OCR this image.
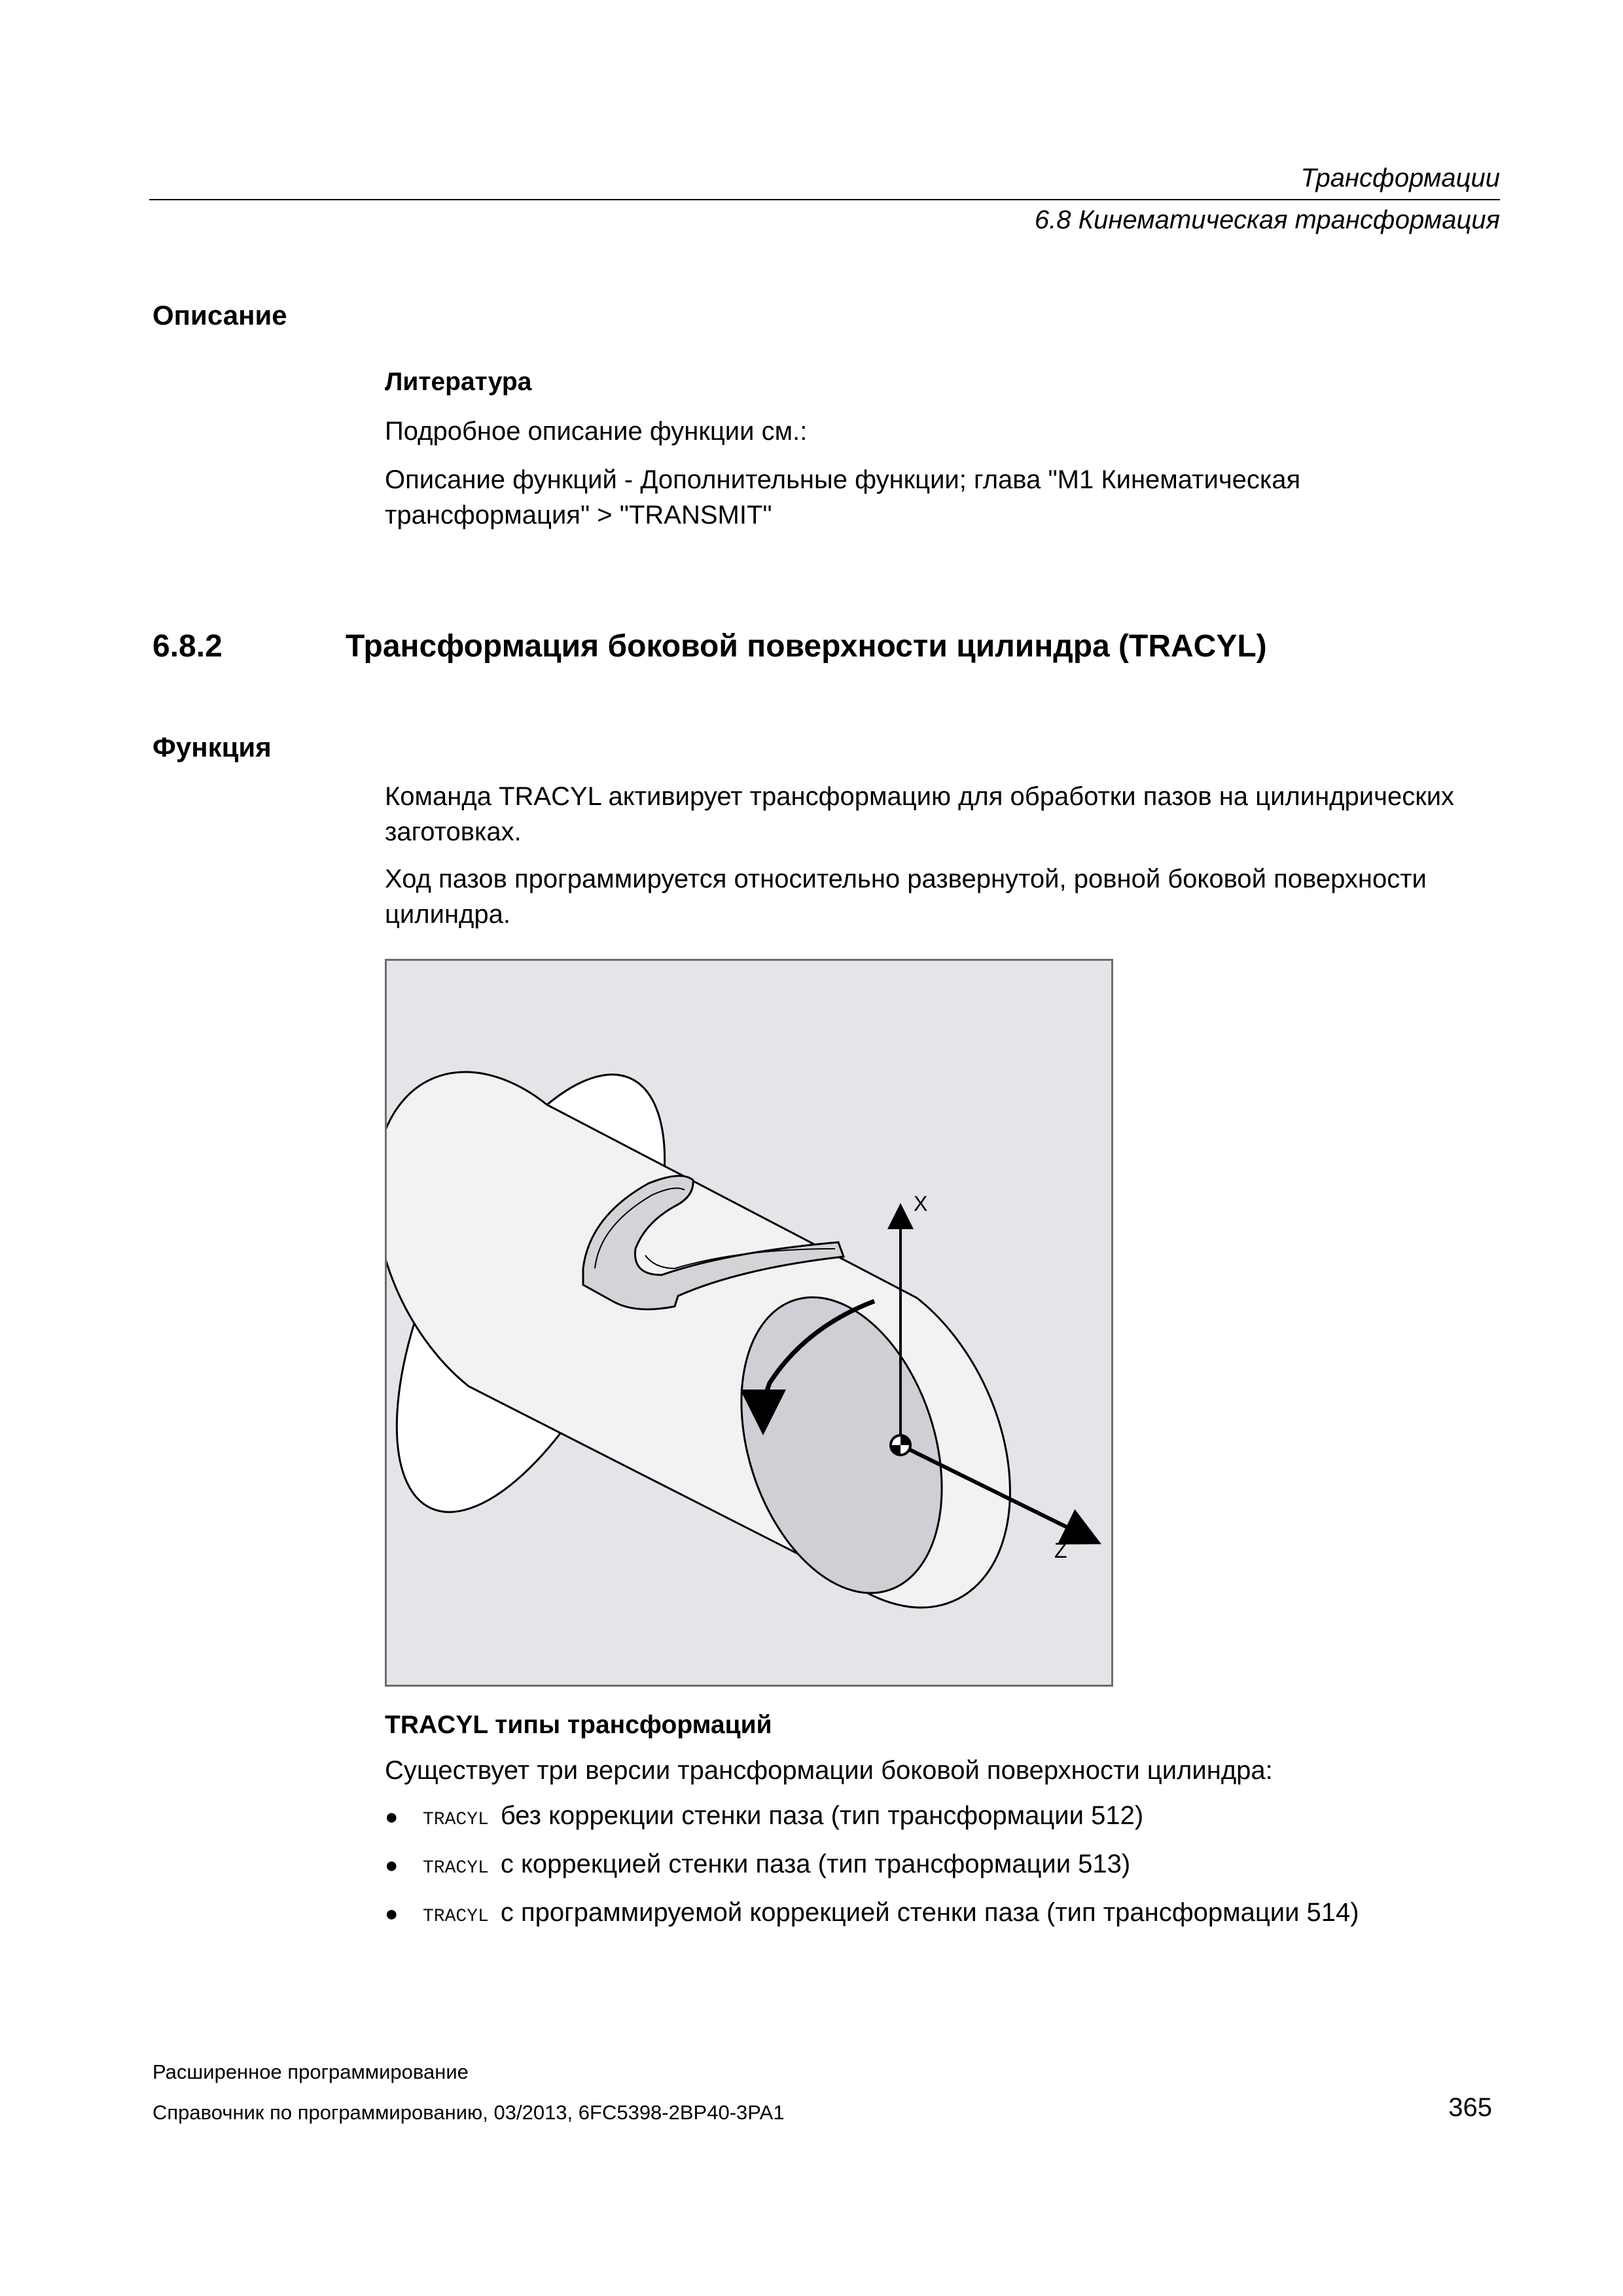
Трансформации
6.8 Кинематическая трансформация
Описание
Литература
Подробное описание функции см.:
Описание функций - Дополнительные функции; глава "M1 Кинематическая
трансформация" > "TRANSMIT"
6.8.2	Трансформация боковой поверхности цилиндра (TRACYL)
Функция
Команда TRACYL активирует трансформацию для обработки пазов на цилиндрических
заготовках.
Ход пазов программируется относительно развернутой, ровной боковой поверхности
цилиндра.
X
Y
Z
TRACYL типы трансформаций
Существует три версии трансформации боковой поверхности цилиндра:
●	TRACYL без коррекции стенки паза (тип трансформации 512)
●	TRACYL с коррекцией стенки паза (тип трансформации 513)
●	TRACYL с программируемой коррекцией стенки паза (тип трансформации 514)
Расширенное программирование
Справочник по программированию, 03/2013, 6FC5398-2BP40-3PA1	365
